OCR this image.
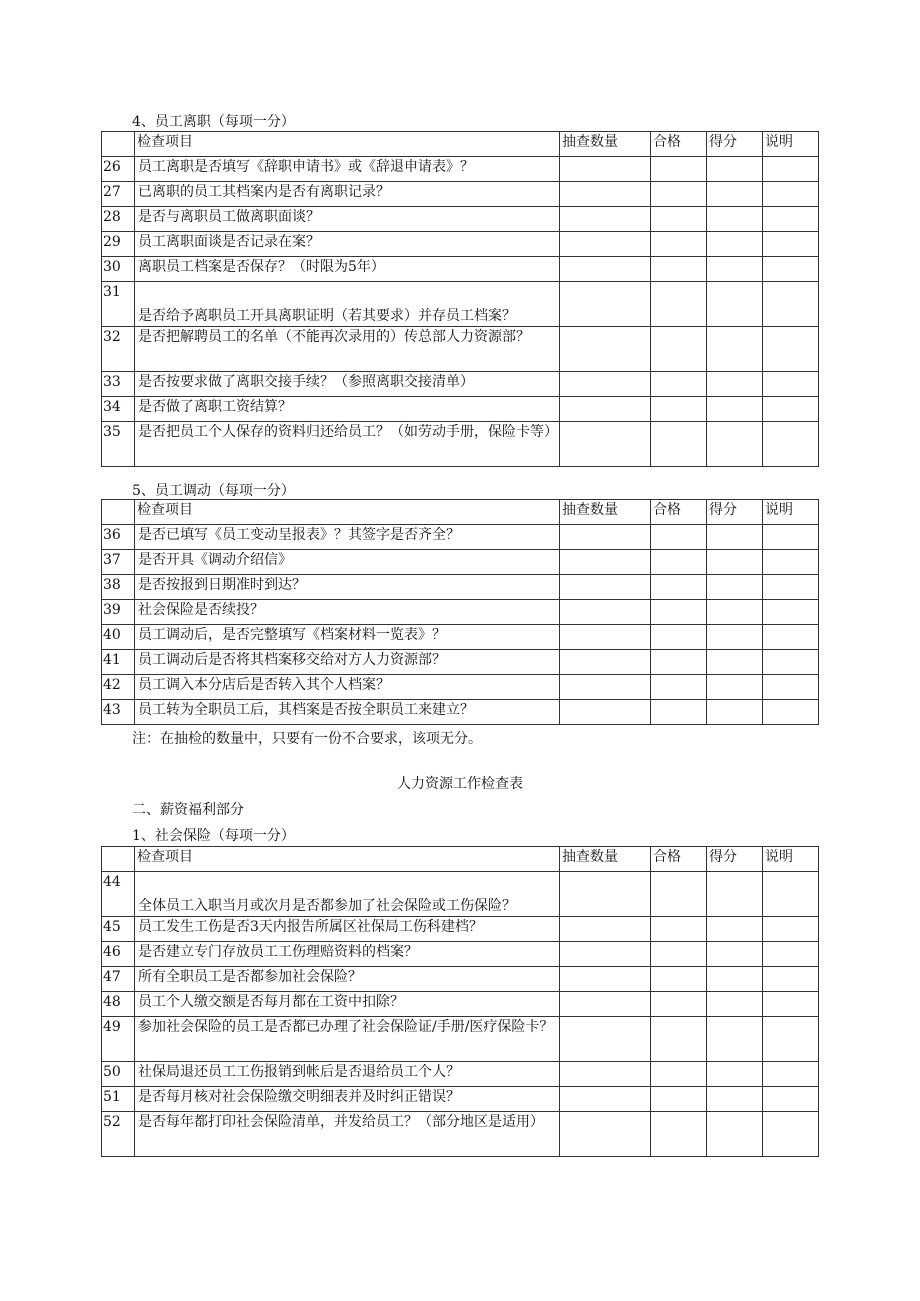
4、员工离职（每项一分）
	检查项目	抽查数量	合格	得分	说明
26	员工离职是否填写《辞职申请书》或《辞退申请表》？				
27	已离职的员工其档案内是否有离职记录？				
28	是否与离职员工做离职面谈？				
29	员工离职面谈是否记录在案？				
30	离职员工档案是否保存？（时限为5年）				
31	是否给予离职员工开具离职证明（若其要求）并存员工档案？				
32	是否把解聘员工的名单（不能再次录用的）传总部人力资源部？				
33	是否按要求做了离职交接手续？（参照离职交接清单）				
34	是否做了离职工资结算？				
35	是否把员工个人保存的资料归还给员工？（如劳动手册，保险卡等）				
5、员工调动（每项一分）
	检查项目	抽查数量	合格	得分	说明
36	是否已填写《员工变动呈报表》？其签字是否齐全？				
37	是否开具《调动介绍信》				
38	是否按报到日期准时到达？				
39	社会保险是否续投？				
40	员工调动后，是否完整填写《档案材料一览表》？				
41	员工调动后是否将其档案移交给对方人力资源部？				
42	员工调入本分店后是否转入其个人档案？				
43	员工转为全职员工后，其档案是否按全职员工来建立？				
注：在抽检的数量中，只要有一份不合要求，该项无分。
人力资源工作检查表
二、薪资福利部分
1、社会保险（每项一分）
	检查项目	抽查数量	合格	得分	说明
44	全体员工入职当月或次月是否都参加了社会保险或工伤保险？				
45	员工发生工伤是否3天内报告所属区社保局工伤科建档？				
46	是否建立专门存放员工工伤理赔资料的档案？				
47	所有全职员工是否都参加社会保险？				
48	员工个人缴交额是否每月都在工资中扣除？				
49	参加社会保险的员工是否都已办理了社会保险证/手册/医疗保险卡？				
50	社保局退还员工工伤报销到帐后是否退给员工个人？				
51	是否每月核对社会保险缴交明细表并及时纠正错误？				
52	是否每年都打印社会保险清单，并发给员工？（部分地区是适用）				
